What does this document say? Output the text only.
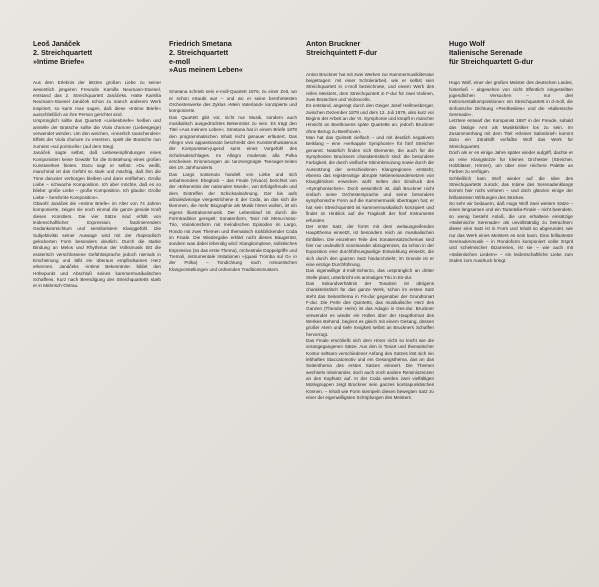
Leoš Janáček
2. Streichquartett
»Intime Briefe«

Aus dem Erlebnis der letzten großen Liebe zu seiner wesentlich jüngeren Freundin Kamilla Neumann-Stoesel, entstand das 2. Streichquartett Janáčeks. Hatte Kamilla Neumann-Stoesel Janáček schon zu manch anderem Werk inspiriert, so kann man sagen, daß diese »Intime Briefe« ausschließlich an ihre Person gerichtet sind.

Ursprünglich sollte das Quartett »Liebesbriefe« heißen und anstelle der Bratsche sollte die Viola d'amore (Liebesgeige) verwendet werden. Um den weichen, »innerlich rauschenden« Effekt der Viola d'amore zu ersetzen, spielt die Bratsche nun zumeist »sul ponticello« (auf dem Steg).

Janáček sagte selbst, daß Liebesempfindungen eines Komponisten keine Gewähr für die Entstehung eines großen Kunstwerkes bieten. Dazu sagt er selbst: »Du weißt, manchmal ist das Gefühl so stark und mächtig, daß ihm die Töne darunter verborgen bleiben und dann entfliehen. Große Liebe – schwache Komposition. Ich aber möchte, daß es so bliebe: große Liebe – große Komposition. Ich glaube: Große Liebe – berühmte Komposition«.

Obwohl Janáček die »Intime Briefe« im Alter von 74 Jahren komponierte, zeigen sie noch einmal die ganze geniale Kraft dieses Künstlers. Die vier Sätze sind erfüllt von leidenschaftlicher Expression, faszinierendem Gedankenreichtum und sensibelstem Klanggefühl. Die Subjektivität seiner Aussage wird mit der rhapsodisch gelockerten Form besonders deutlich. Durch die starke Bindung an Melos und Rhythmus der Volksmusik tritt die esoterisch verschlossene Gefühlssprache jedoch niemals in Erscheinung und läßt ein überaus empfindsames Herz erkennen. Janáčeks »intime Bekenntnis« bildet den Höhepunkt und Abschluß seines kammermusikalischen Schaffens. Kurz nach Beendigung des Streichquartetts starb er in Mährisch-Ostrau.

Friedrich Smetana
2. Streichquartett
e-moll
»Aus meinem Leben«

Smetana schrieb sein e-moll-Quartett 1876, zu einer Zeit, wo er schon ertaubt war – und wo er seine berühmtesten Orchesterwerke des Zyklus »Mein Vaterland« konzipierte und komponierte.

Das Quartett gibt vor, nicht nur Musik, sondern auch musikalisch ausgedrücktes Bekenntnis zu sein. Es trägt den Titel »Aus meinem Leben«. Smetana hat in einem Briefe 1878 den programmatischen Inhalt recht genauer erläutert. Das Allegro vivo appassionato beschreibt den Kunstenthusiasmus der Komponisten-jugend samt eines Vorgefühl des Schicksalsschlages. Im Allegro moderato alla Polka erscheinen Erinnerungen an tanzvergnügte Teenager-zeiten des 19. Jahrhunderts.

Das Largo sostenuto handelt von Liebe und sich anbahnendem Eheglück – das Finale (Vivace) berichtet von der »Erkenntnis der nationalen Musik«, von Erfolgsfreude und dem Eintreffen der Schicksalsahnung. Der bis aufs allzuleidvinnige viergestrichene E der Coda, an das sich die klemmen, die mehr Biographie als Musik hören wollen, ist ein eigens illustrationsmusik. Der Lebenslauf ist durch die Formtradition geregelt: Sonatenform, Tanz mit Menu-moso-Trio, Variationsform mit melodischen Episoden im Largo, Rondo mit zwei Themen und thematisch rückblickender Coda im Finale. Die Wiedergabe erklärt nicht dieses Baugerüst, sondern was dabei lebendig wird: Klangkomplexe, solistisches Espressivo (so das erste Thema), orchestrale Doppelgriffe und Tremoli, instrumentale Imitationen »(quasi Tromba sul G« in der Polka) – Tondichtung nach romantischen Klangvorstellungen und ordnenden Traditionsmustern.

Anton Bruckner
Streichquintett F-dur

Anton Bruckner hat mit zwei Werken zur Kammermusikliteratur beigetragen: mit einer Schülerarbeit, wie er selbst sein Streichquartett in c-moll bezeichnete, und einem Werk des reifen Meisters, dem Streichquintett in F-dur für zwei Violinen, zwei Bratschen und Violoncello.

Es entstand, angeregt durch den Geiger Josef Hellmesberger, zwischen Dezember 1878 und dem 12. Juli 1879, also kurz vor Beginn der Arbeit an der VI. Symphonie und knüpft in mancher Hinsicht an Beethovens späte Quartette an, jedoch Bruckner ohne Bezug zu Beethoven.

Man hat das Quintett vielfach – und mit deutlich negativem Beiklang – eine »verkappte Symphonie« für fünf Streicher genannt. Natürlich finden sich Elemente, die auch für die Symphonien Bruckners charakteristisch sind: die besondere Farbigkeit, die durch vielfache Stimmkreuzung sowie durch die Ausnützung der verschiedenen Klangregionen entsteht, ebenso das registerartige abrupte Nebeneinandersetzen von Klangblöcken erwecken wohl selten den Eindruck des »Symphonischen«. Doch wesentlich ist, daß Bruckner nicht einfach seine Orchestersprache und seine besondere symphonische Form auf die Kammermusik übertragen hat; er hat sein Streichquintett ist kammermusikalisch konzipiert und findet im Hinblick auf die Tragkraft der fünf Instrumente erfunden.

Der erste Satz, der formt mit dem weitausgreifenden Hauptthema einsetzt, ist besonders reich an musikalischen Einfällen. Die einzelnen Teile des Sonatensatzschemas sind hier nur undeutlich voneinander abzugrenzen, da schon in der Exposition eine durchführungsartige Entwicklung einsetzt, die sich durch den ganzen Satz hindurchzieht; im Grunde ist er eine einzige Durchführung.

Das eigenwillige d-moll-Scherzo, das ursprünglich an dritter Stelle plant, unterbricht ein anmutiges Trio in Es-dur.

Das Sekundverhältnis der Tonarten ist übrigens charakteristisch für das ganze Werk, schon im ersten Satz steht das Seitenthema in Fis-dur gegenüber der Grundtonart F-dur. Die Perle des Quintetts, das musikalische Herz des Ganzen (Theodor Helm) ist das Adagio in Ges-dur. Bruckner verwendet es wieder ein Hüllen über der Hauptformat des Werkes stehend, beginnt es gleich mit einem Gesang, dessen großer Atem und tiefe Innigkeit selbst an Bruckners Schaffen hervorragt.

Das Finale erschließt sich dem Hörer nicht so leicht wie die vorangegangenen Sätze. Aus den in Tonart und thematischer Kontur seltsam verschiedener Anfang des Satzes löst sich ein lebhaftes Staccatomotiv und ein Gesangsthema, das an das Seitenthema des ersten Satzes erinnert. Die Themen wechseln miteinander, doch auch noch andere Reminiszenzen an den Kopfsatz auf. In der Coda werden zwei vielfältigen Motivgruppen zeigt Bruckner sein ganzes kontrapunktisches Können. – Inhalt wie Form stempeln diesen bewegten Satz zu einer der eigenwilligsten Schöpfungen des Meisters.

Hugo Wolf
Italienische Serenade
für Streichquartett G-dur

Hugo Wolf, einer der großen Meister des deutschen Liedes, hinterließ – abgesehen von nicht öffentlich eingestellten jugendlichen Versuchen – nur drei Instrumentalkompositionen: ein Streichquartett in d-moll, die sinfonische Dichtung »Penthesilea« und die »Italienische Serenade«.

Letztere entwarf der Komponist 1887 in der Freude, sobald das lästige Amt als Musikkritiker los zu sein. Im Zusammenhang mit dem Titel »Kleiner Salonbrief« kommt dazu ein Zündstift verfaßte Wolf das Werk für Streichquartett.

Doch als er es einige Jahre später wieder aufgriff, dachte er an eine Klangskizze für kleines Orchester (Streicher, Holzbläser, Hörner), um über eine reichere Palette an Farben zu verfügen.

Schließlich kam Wolf wieder auf die Idee des Streichquartetts zurück; das Intime des Serenadenklangs kommt hier nicht verloren – und doch glänzen einige der brillantesten Wirkungen des Stückes.

So sehr wir bedauern, daß Hugo Wolf zwei weitere Sätze – einen langsamen und ein Tarantella-Finale – nicht beendete, so wenig besteht Anlaß, die uns erhaltene einsätzige »Italienische Serenade« als unvollständig zu betrachten: dieser eine Satz ist in Form und Inhalt so abgerundet, wie nur das Werk eines Meisters es sein kann. Eine brillanteste Serenadenmusik – in Rondoform komponiert voller Esprit und schelmischer Bizarrerien, ist sie – wie auch mit »Italienischen Liedern« – ein leidenschaftliche Liebe zum Süden zum Ausdruck bringt.
